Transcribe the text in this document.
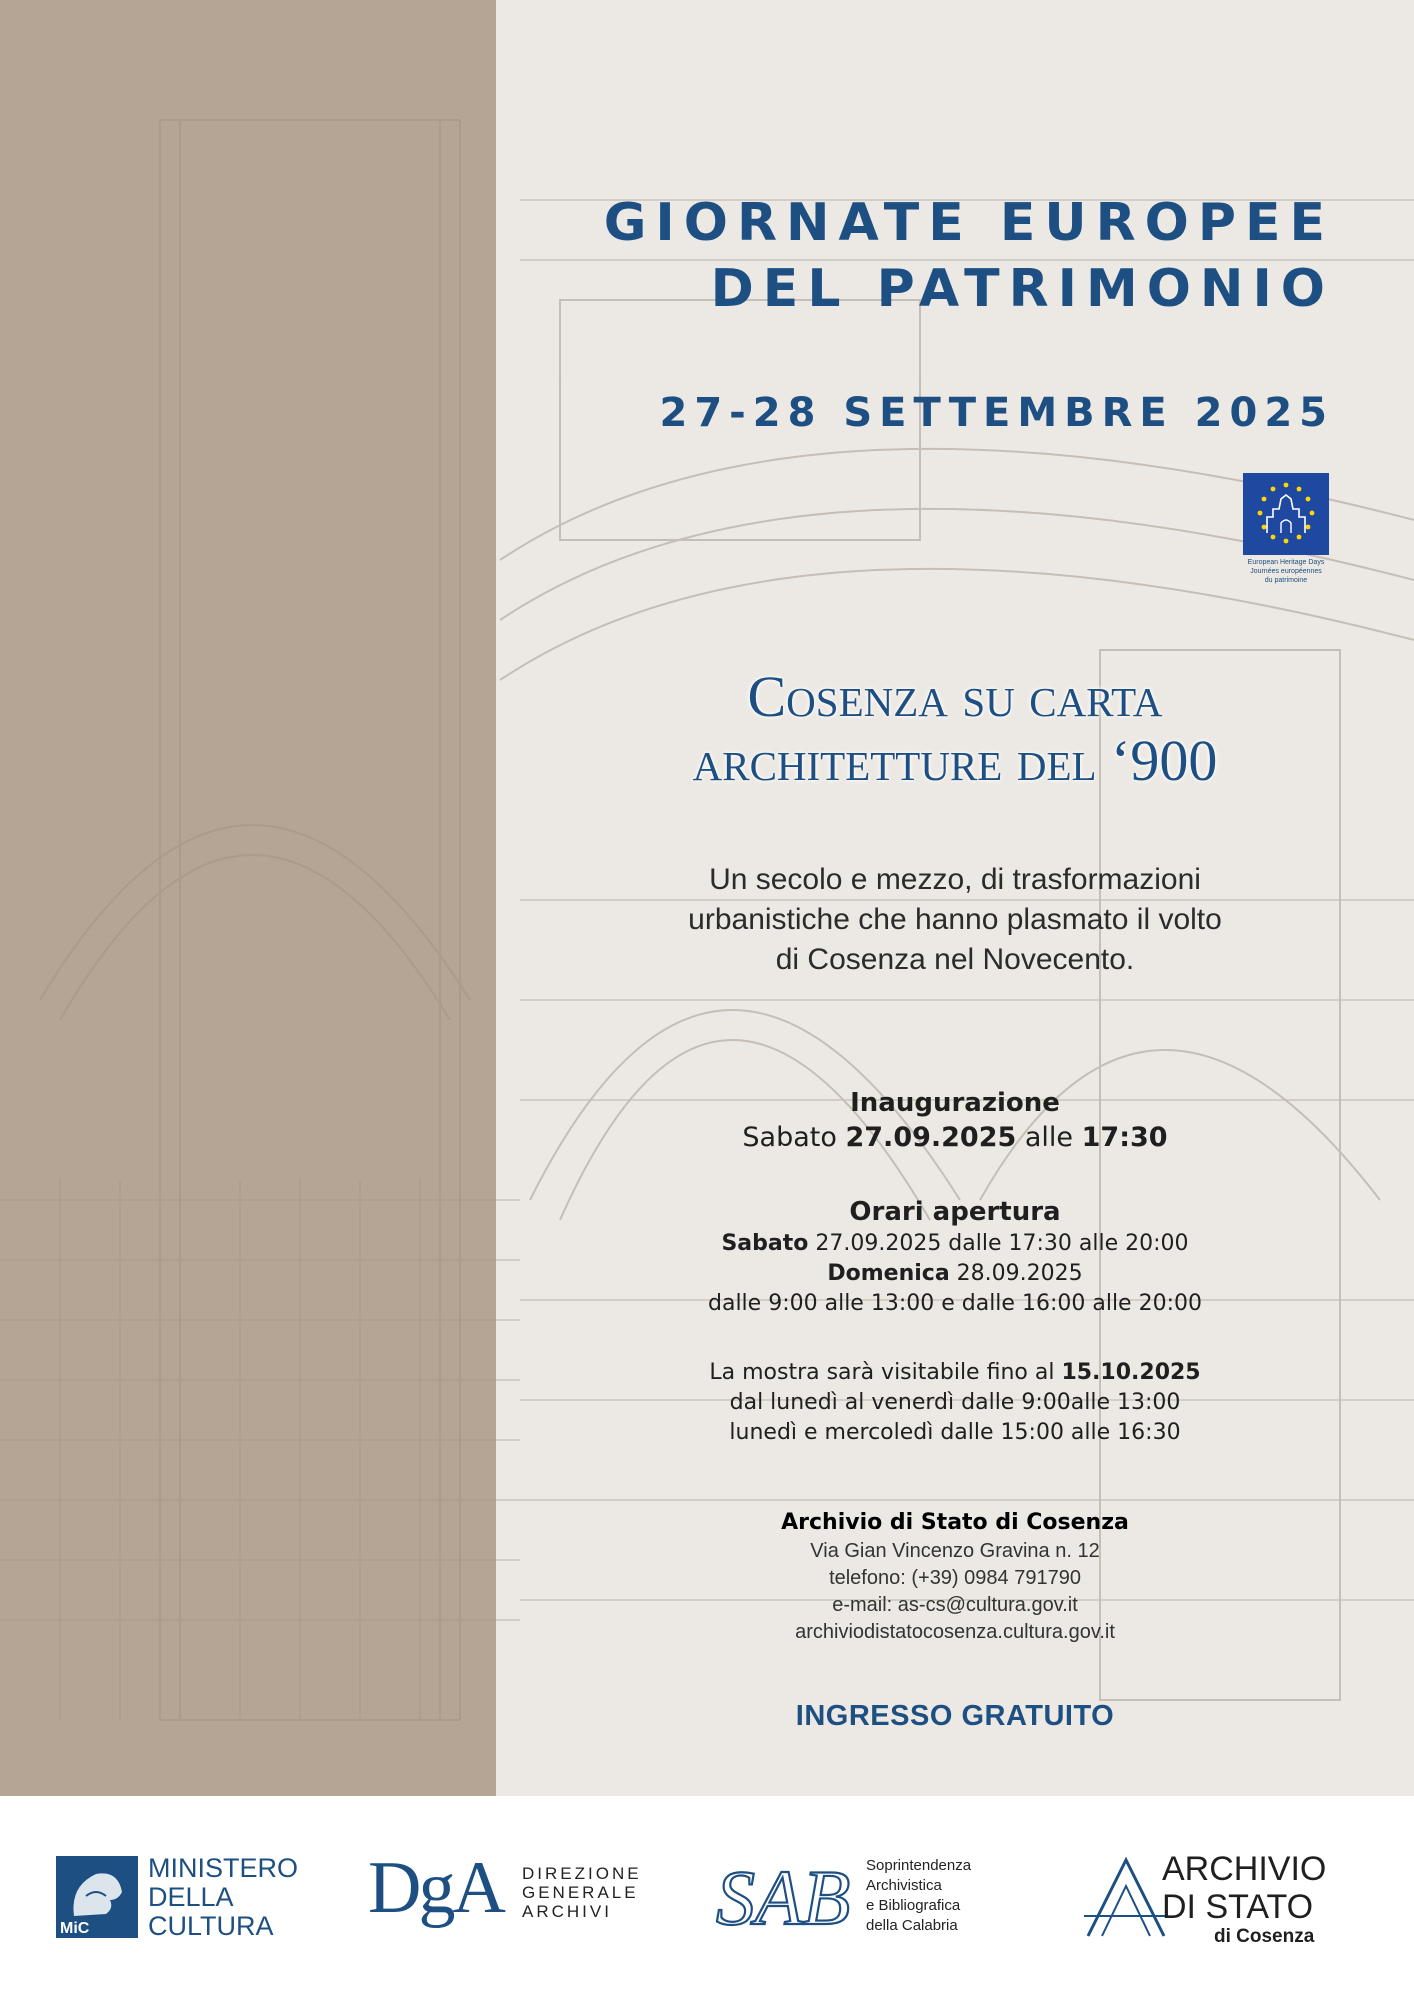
GIORNATE EUROPEE
DEL PATRIMONIO
27-28 SETTEMBRE 2025
European Heritage Days
Journées européennes
du patrimoine
Cosenza su carta
architetture del ‘900
Un secolo e mezzo, di trasformazioni
urbanistiche che hanno plasmato il volto
di Cosenza nel Novecento.
Inaugurazione
Sabato 27.09.2025 alle 17:30
Orari apertura
Sabato 27.09.2025 dalle 17:30 alle 20:00
Domenica 28.09.2025
dalle 9:00 alle 13:00 e dalle 16:00 alle 20:00
La mostra sarà visitabile fino al 15.10.2025
dal lunedì al venerdì dalle 9:00alle 13:00
lunedì e mercoledì dalle 15:00 alle 16:30
Archivio di Stato di Cosenza
Via Gian Vincenzo Gravina n. 12
telefono: (+39) 0984 791790
e-mail: as-cs@cultura.gov.it
archiviodistatocosenza.cultura.gov.it
INGRESSO GRATUITO
MiC
MINISTERO
DELLA
CULTURA	DgA DIREZIONE
GENERALE
ARCHIVI	SAB Soprintendenza
Archivistica
e Bibliografica
della Calabria
ARCHIVIO
DI STATO
di Cosenza
